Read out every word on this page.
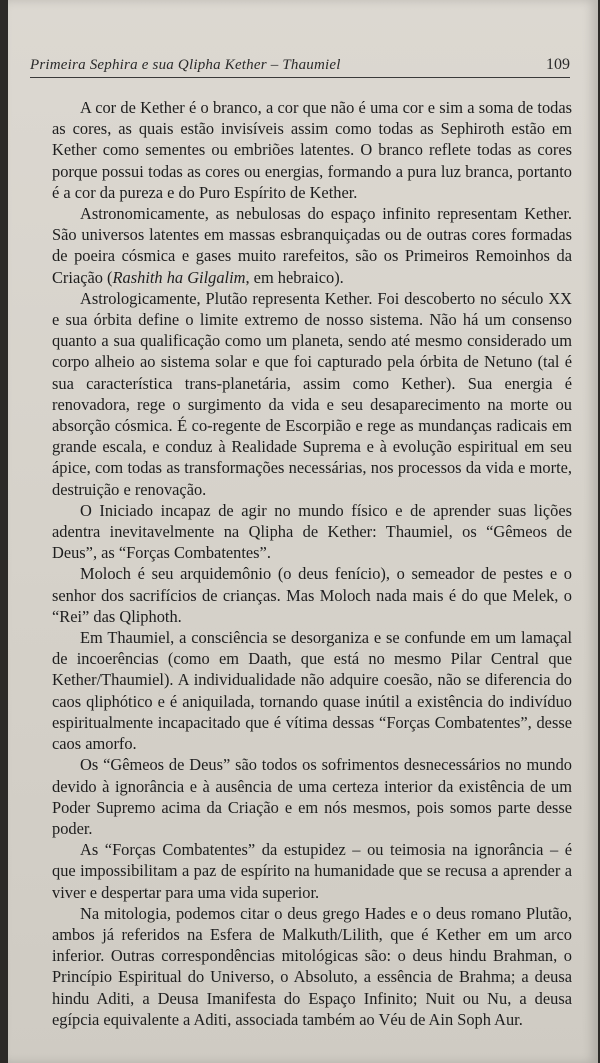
Primeira Sephira e sua Qlipha Kether – Thaumiel	109

A cor de Kether é o branco, a cor que não é uma cor e sim a soma de todas as cores, as quais estão invisíveis assim como todas as Sephiroth estão em Kether como sementes ou embriões latentes. O branco reflete todas as cores porque possui todas as cores ou energias, formando a pura luz branca, portanto é a cor da pureza e do Puro Espírito de Kether.

Astronomicamente, as nebulosas do espaço infinito representam Kether. São universos latentes em massas esbranquiçadas ou de outras cores formadas de poeira cósmica e gases muito rarefeitos, são os Primeiros Remoinhos da Criação (Rashith ha Gilgalim, em hebraico).

Astrologicamente, Plutão representa Kether. Foi descoberto no século XX e sua órbita define o limite extremo de nosso sistema. Não há um consenso quanto a sua qualificação como um planeta, sendo até mesmo considerado um corpo alheio ao sistema solar e que foi capturado pela órbita de Netuno (tal é sua característica trans-planetária, assim como Kether). Sua energia é renovadora, rege o surgimento da vida e seu desaparecimento na morte ou absorção cósmica. É co-regente de Escorpião e rege as mundanças radicais em grande escala, e conduz à Realidade Suprema e à evolução espiritual em seu ápice, com todas as transformações necessárias, nos processos da vida e morte, destruição e renovação.

O Iniciado incapaz de agir no mundo físico e de aprender suas lições adentra inevitavelmente na Qlipha de Kether: Thaumiel, os “Gêmeos de Deus”, as “Forças Combatentes”.

Moloch é seu arquidemônio (o deus fenício), o semeador de pestes e o senhor dos sacrifícios de crianças. Mas Moloch nada mais é do que Melek, o “Rei” das Qliphoth.

Em Thaumiel, a consciência se desorganiza e se confunde em um lamaçal de incoerências (como em Daath, que está no mesmo Pilar Central que Kether/Thaumiel). A individualidade não adquire coesão, não se diferencia do caos qliphótico e é aniquilada, tornando quase inútil a existência do indivíduo espiritualmente incapacitado que é vítima dessas “Forças Combatentes”, desse caos amorfo.

Os “Gêmeos de Deus” são todos os sofrimentos desnecessários no mundo devido à ignorância e à ausência de uma certeza interior da existência de um Poder Supremo acima da Criação e em nós mesmos, pois somos parte desse poder.

As “Forças Combatentes” da estupidez – ou teimosia na ignorância – é que impossibilitam a paz de espírito na humanidade que se recusa a aprender a viver e despertar para uma vida superior.

Na mitologia, podemos citar o deus grego Hades e o deus romano Plutão, ambos já referidos na Esfera de Malkuth/Lilith, que é Kether em um arco inferior. Outras correspondências mitológicas são: o deus hindu Brahman, o Princípio Espiritual do Universo, o Absoluto, a essência de Brahma; a deusa hindu Aditi, a Deusa Imanifesta do Espaço Infinito; Nuit ou Nu, a deusa egípcia equivalente a Aditi, associada também ao Véu de Ain Soph Aur.
